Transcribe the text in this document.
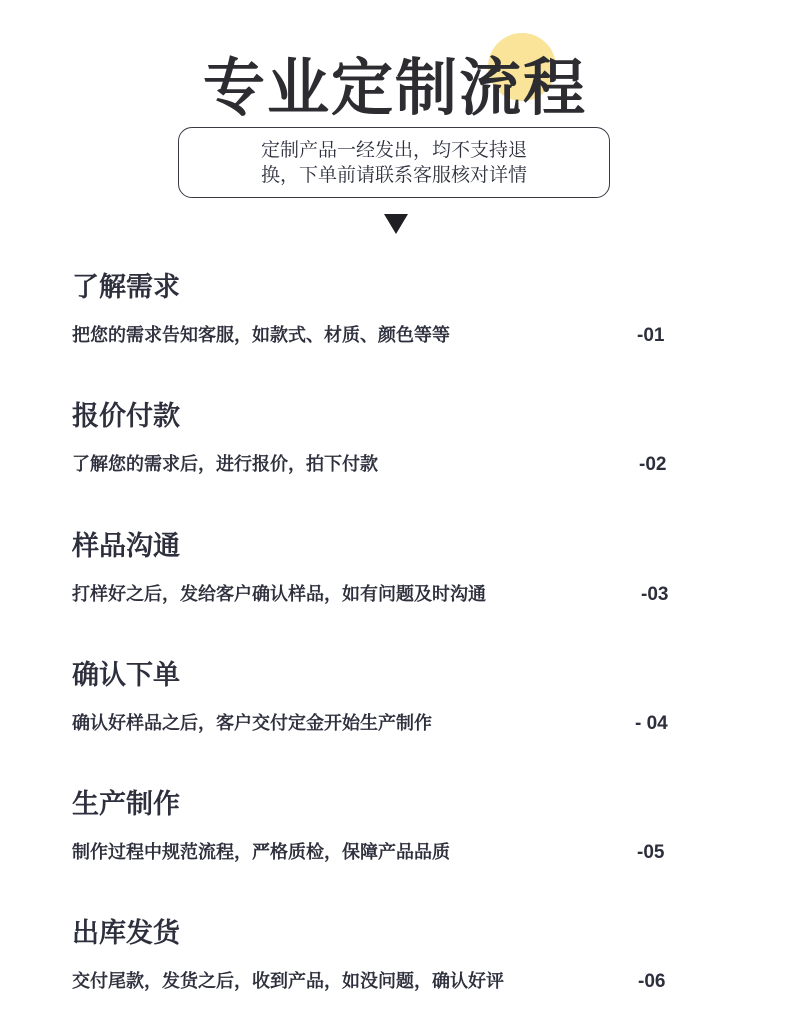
专业定制流程
定制产品一经发出，均不支持退
换，下单前请联系客服核对详情
了解需求
把您的需求告知客服，如款式、材质、颜色等等	-01
报价付款
了解您的需求后，进行报价，拍下付款	-02
样品沟通
打样好之后，发给客户确认样品，如有问题及时沟通	-03
确认下单
确认好样品之后，客户交付定金开始生产制作	- 04
生产制作
制作过程中规范流程，严格质检，保障产品品质	-05
出库发货
交付尾款，发货之后，收到产品，如没问题，确认好评	-06
